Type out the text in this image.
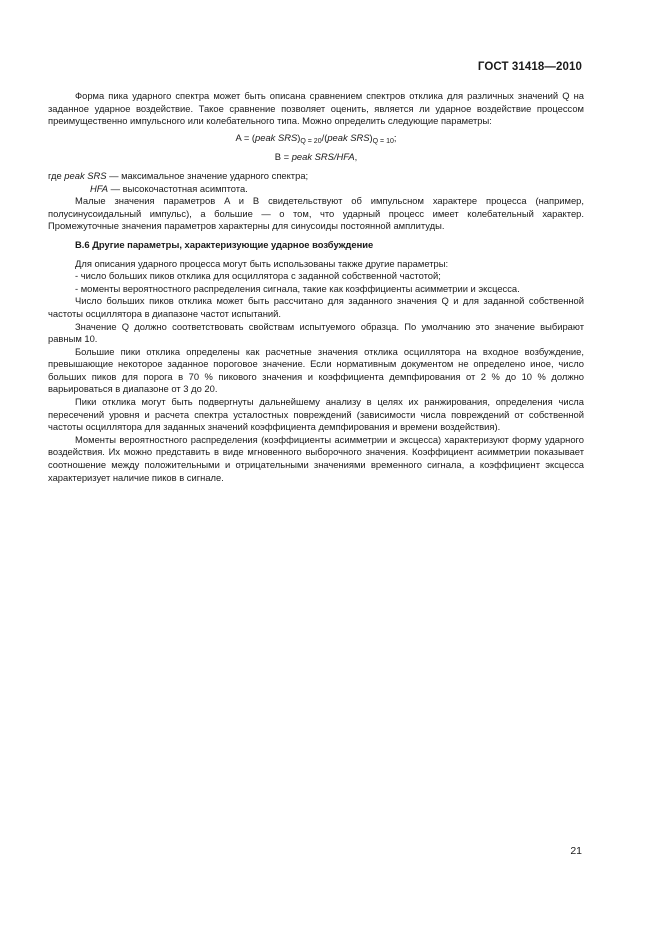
ГОСТ 31418—2010

Форма пика ударного спектра может быть описана сравнением спектров отклика для различных значений Q на заданное ударное воздействие. Такое сравнение позволяет оценить, является ли ударное воздействие процессом преимущественно импульсного или колебательного типа. Можно определить следующие параметры:

A = (peak $SRS)_{Q = 20}/(peak$ $SRS)_{Q = 10}$;
B = peak SRS/HFA,

где peak SRS — максимальное значение ударного спектра;

HFA — высокочастотная асимптота.

Малые значения параметров A и B свидетельствуют об импульсном характере процесса (например, полусинусоидальный импульс), а большие — о том, что ударный процесс имеет колебательный характер. Промежуточные значения параметров характерны для синусоиды постоянной амплитуды.

В.6 Другие параметры, характеризующие ударное возбуждение

Для описания ударного процесса могут быть использованы также другие параметры:

- число больших пиков отклика для осциллятора с заданной собственной частотой;

- моменты вероятностного распределения сигнала, такие как коэффициенты асимметрии и эксцесса.

Число больших пиков отклика может быть рассчитано для заданного значения Q и для заданной собственной частоты осциллятора в диапазоне частот испытаний.

Значение Q должно соответствовать свойствам испытуемого образца. По умолчанию это значение выбирают равным 10.

Большие пики отклика определены как расчетные значения отклика осциллятора на входное возбуждение, превышающие некоторое заданное пороговое значение. Если нормативным документом не определено иное, число больших пиков для порога в 70 % пикового значения и коэффициента демпфирования от 2 % до 10 % должно варьироваться в диапазоне от 3 до 20.

Пики отклика могут быть подвергнуты дальнейшему анализу в целях их ранжирования, определения числа пересечений уровня и расчета спектра усталостных повреждений (зависимости числа повреждений от собственной частоты осциллятора для заданных значений коэффициента демпфирования и времени воздействия).

Моменты вероятностного распределения (коэффициенты асимметрии и эксцесса) характеризуют форму ударного воздействия. Их можно представить в виде мгновенного выборочного значения. Коэффициент асимметрии показывает соотношение между положительными и отрицательными значениями временного сигнала, а коэффициент эксцесса характеризует наличие пиков в сигнале.

21
